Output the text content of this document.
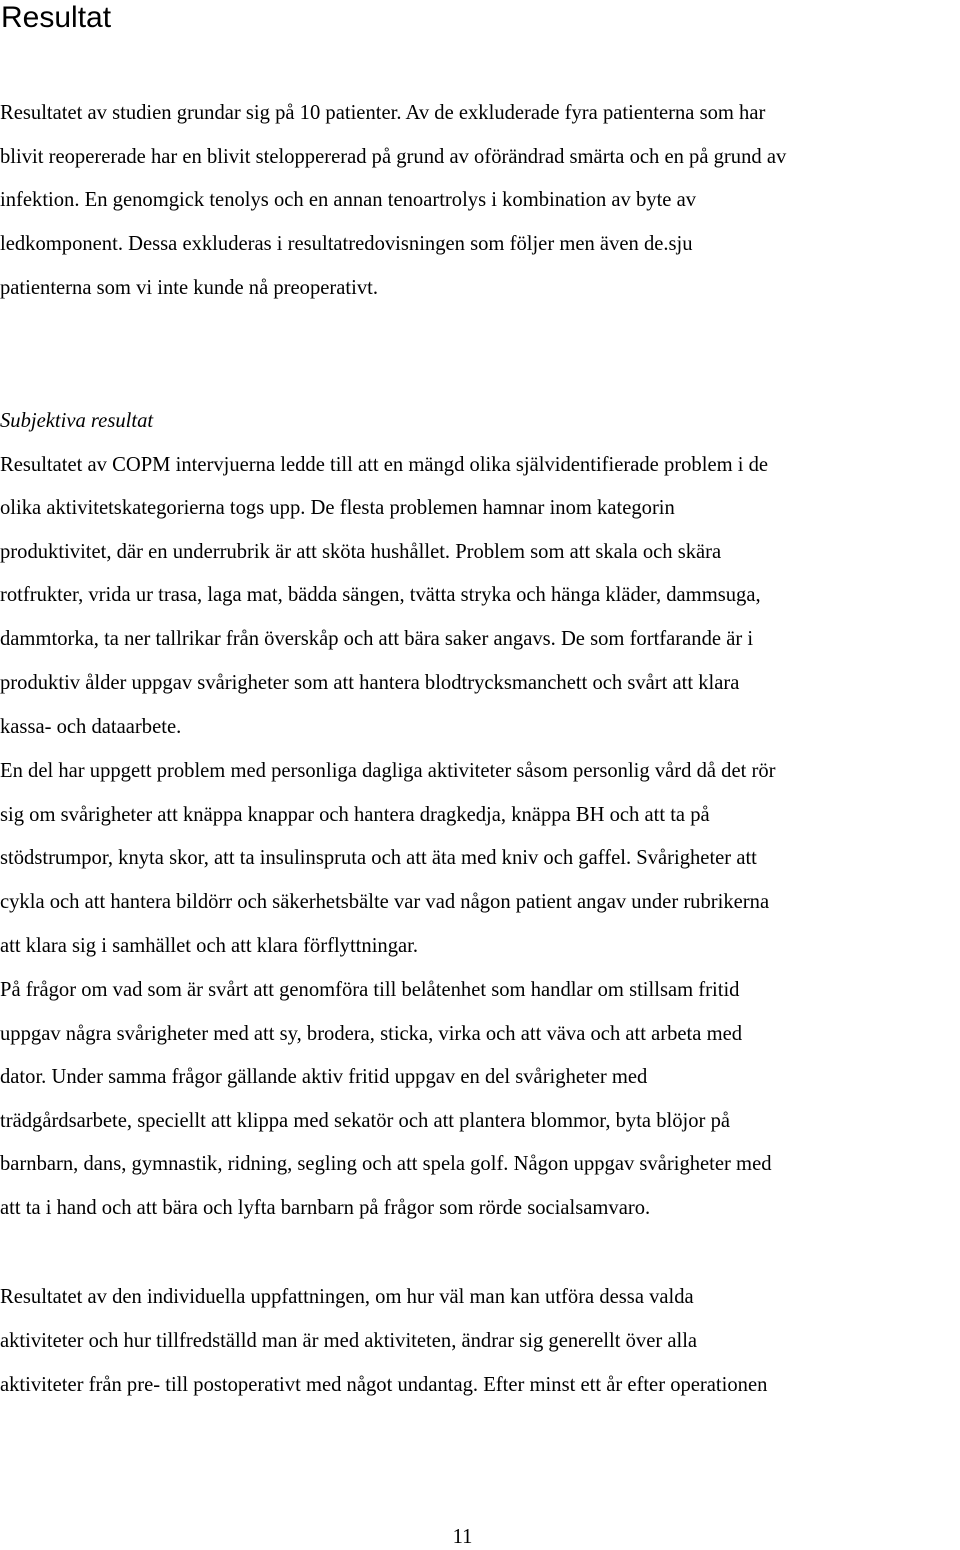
Resultat

Resultatet av studien grundar sig på 10 patienter. Av de exkluderade fyra patienterna som har

blivit reopererade har en blivit steloppererad på grund av oförändrad smärta och en på grund av

infektion. En genomgick tenolys och en annan tenoartrolys i kombination av byte av

ledkomponent. Dessa exkluderas i resultatredovisningen som följer men även de.sju

patienterna som vi inte kunde nå preoperativt.

Subjektiva resultat

Resultatet av COPM intervjuerna ledde till att en mängd olika självidentifierade problem i de

olika aktivitetskategorierna togs upp. De flesta problemen hamnar inom kategorin

produktivitet, där en underrubrik är att sköta hushållet. Problem som att skala och skära

rotfrukter, vrida ur trasa, laga mat, bädda sängen, tvätta stryka och hänga kläder, dammsuga,

dammtorka, ta ner tallrikar från överskåp och att bära saker angavs. De som fortfarande är i

produktiv ålder uppgav svårigheter som att hantera blodtrycksmanchett och svårt att klara

kassa- och dataarbete.

En del har uppgett problem med personliga dagliga aktiviteter såsom personlig vård då det rör

sig om svårigheter att knäppa knappar och hantera dragkedja, knäppa BH och att ta på

stödstrumpor, knyta skor, att ta insulinspruta och att äta med kniv och gaffel. Svårigheter att

cykla och att hantera bildörr och säkerhetsbälte var vad någon patient angav under rubrikerna

att klara sig i samhället och att klara förflyttningar.

På frågor om vad som är svårt att genomföra till belåtenhet som handlar om stillsam fritid

uppgav några svårigheter med att sy, brodera, sticka, virka och att väva och att arbeta med

dator. Under samma frågor gällande aktiv fritid uppgav en del svårigheter med

trädgårdsarbete, speciellt att klippa med sekatör och att plantera blommor, byta blöjor på

barnbarn, dans, gymnastik, ridning, segling och att spela golf. Någon uppgav svårigheter med

att ta i hand och att bära och lyfta barnbarn på frågor som rörde socialsamvaro.

Resultatet av den individuella uppfattningen, om hur väl man kan utföra dessa valda

aktiviteter och hur tillfredställd man är med aktiviteten, ändrar sig generellt över alla

aktiviteter från pre- till postoperativt med något undantag. Efter minst ett år efter operationen

11
